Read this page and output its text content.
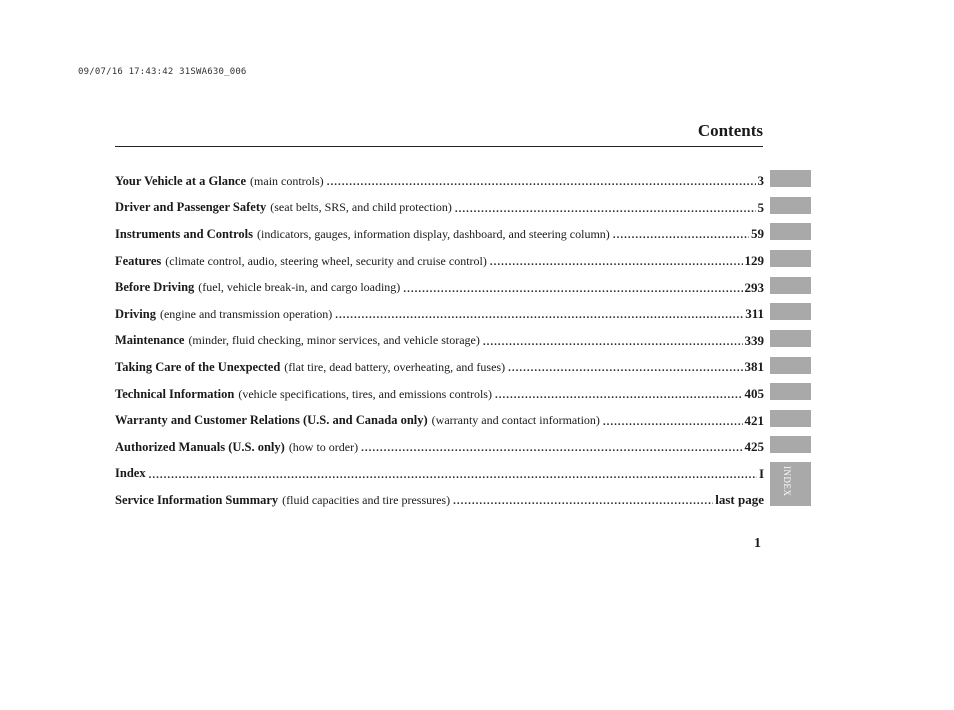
09/07/16 17:43:42 31SWA630_006
Contents
Your Vehicle at a Glance (main controls) .....	3
Driver and Passenger Safety (seat belts, SRS, and child protection) .....	5
Instruments and Controls (indicators, gauges, information display, dashboard, and steering column) .....	59
Features (climate control, audio, steering wheel, security and cruise control) .....	129
Before Driving (fuel, vehicle break-in, and cargo loading) .....	293
Driving (engine and transmission operation) .....	311
Maintenance (minder, fluid checking, minor services, and vehicle storage) .....	339
Taking Care of the Unexpected (flat tire, dead battery, overheating, and fuses) .....	381
Technical Information (vehicle specifications, tires, and emissions controls) .....	405
Warranty and Customer Relations (U.S. and Canada only) (warranty and contact information) .....	421
Authorized Manuals (U.S. only) (how to order) .....	425
Index .....	I
Service Information Summary (fluid capacities and tire pressures) .....	last page
INDEX
1
